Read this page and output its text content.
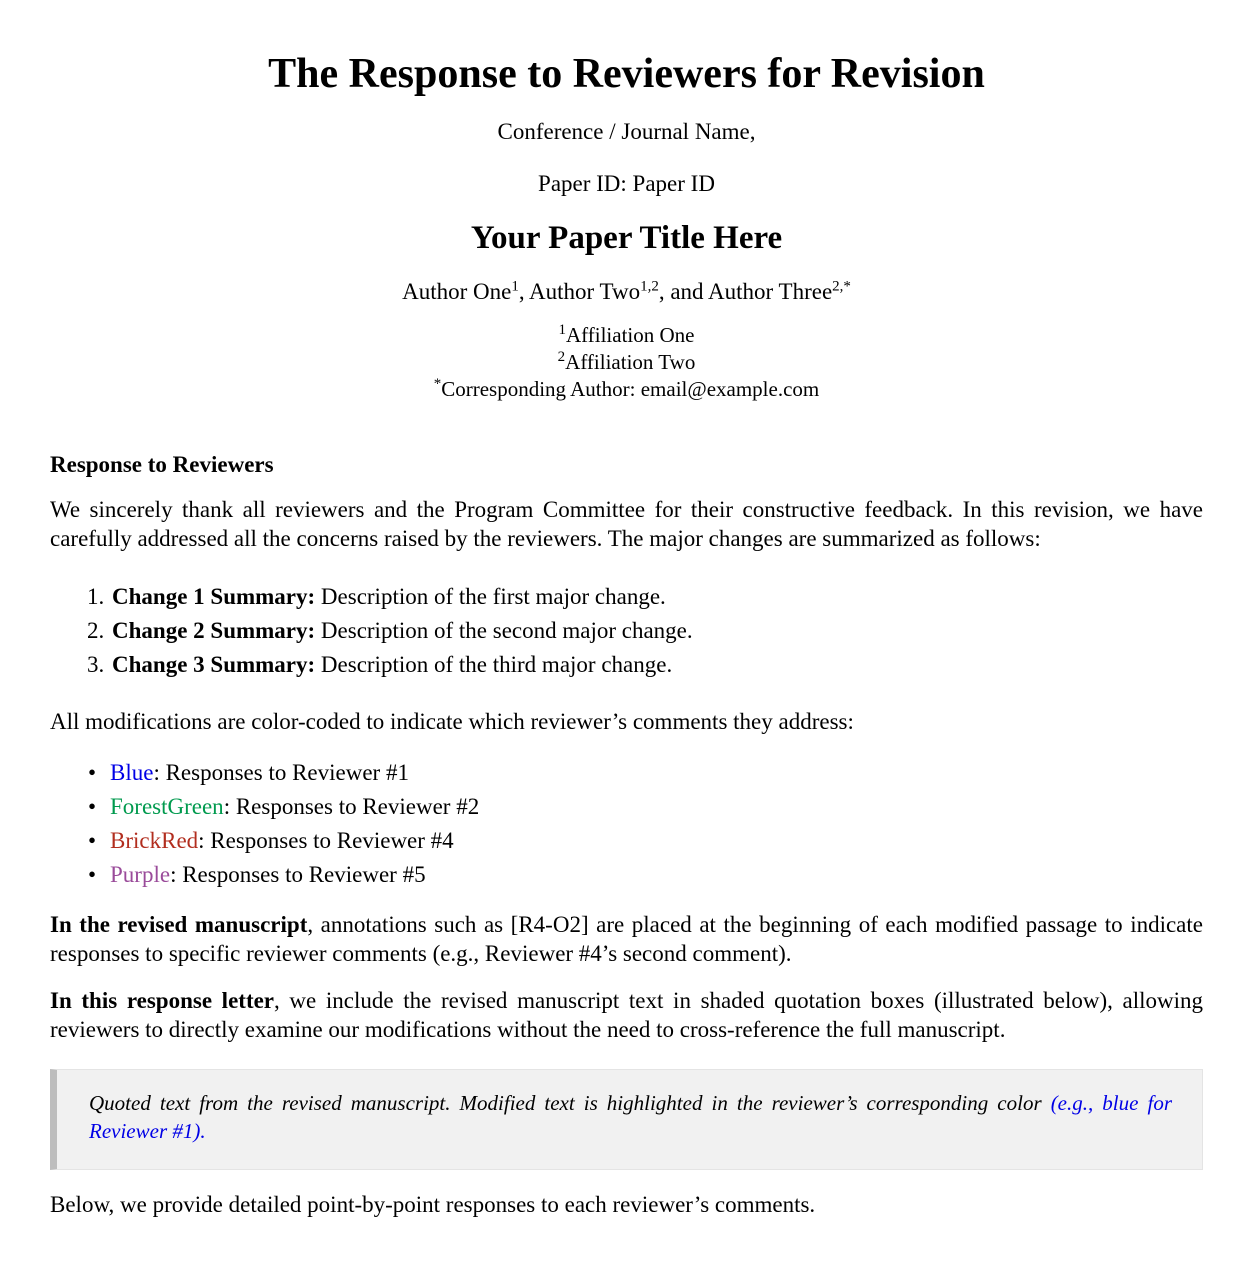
The Response to Reviewers for Revision
Conference / Journal Name,
Paper ID: Paper ID
Your Paper Title Here
Author One$^1$, Author Two$^{1,2}$, and Author Three$^{2,*}$
$^1$Affiliation One
$^2$Affiliation Two
*Corresponding Author: email@example.com
Response to Reviewers

We sincerely thank all reviewers and the Program Committee for their constructive feedback. In this revision, we have carefully addressed all the concerns raised by the reviewers. The major changes are summarized as follows:

1. Change 1 Summary: Description of the first major change.
2. Change 2 Summary: Description of the second major change.
3. Change 3 Summary: Description of the third major change.

All modifications are color-coded to indicate which reviewer’s comments they address:

• Blue: Responses to Reviewer #1
• ForestGreen: Responses to Reviewer #2
• BrickRed: Responses to Reviewer #4
• Purple: Responses to Reviewer #5

In the revised manuscript, annotations such as [R4-O2] are placed at the beginning of each modified passage to indicate responses to specific reviewer comments (e.g., Reviewer #4’s second comment).

In this response letter, we include the revised manuscript text in shaded quotation boxes (illustrated below), allowing reviewers to directly examine our modifications without the need to cross-reference the full manuscript.

Quoted text from the revised manuscript. Modified text is highlighted in the reviewer’s corresponding color (e.g., blue for Reviewer #1).

Below, we provide detailed point-by-point responses to each reviewer’s comments.
